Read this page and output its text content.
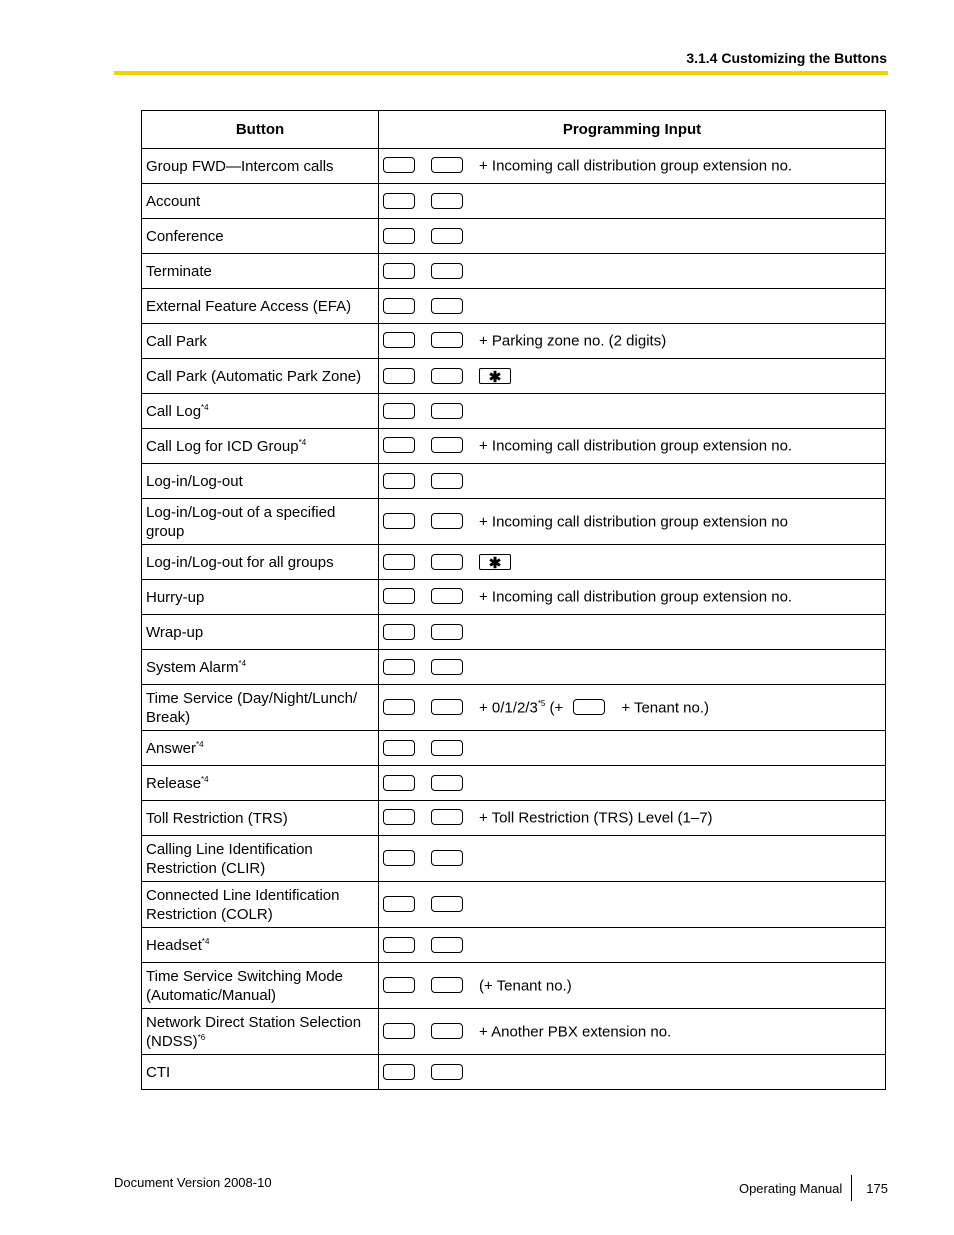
3.1.4 Customizing the Buttons
Button	Programming Input
Group FWD—Intercom calls	+ Incoming call distribution group extension no.
Account	
Conference	
Terminate	
External Feature Access (EFA)	
Call Park	+ Parking zone no. (2 digits)
Call Park (Automatic Park Zone)	✱
Call Log$^{*4}$	
Call Log for ICD Group$^{*4}$	+ Incoming call distribution group extension no.
Log-in/Log-out	
Log-in/Log-out of a specified group	+ Incoming call distribution group extension no
Log-in/Log-out for all groups	✱
Hurry-up	+ Incoming call distribution group extension no.
Wrap-up	
System Alarm$^{*4}$	
Time Service (Day/Night/Lunch/ Break)	+ $0/1/2/3^{*5}$ (+ + Tenant no.)
Answer$^{*4}$	
Release$^{*4}$	
Toll Restriction (TRS)	+ Toll Restriction (TRS) Level (1–7)
Calling Line Identification Restriction (CLIR)	
Connected Line Identification Restriction (COLR)	
Headset$^{*4}$	
Time Service Switching Mode (Automatic/Manual)	(+ Tenant no.)
Network Direct Station Selection (NDSS)$^{*6}$	+ Another PBX extension no.
CTI	
Document Version 2008-10	Operating Manual 175
